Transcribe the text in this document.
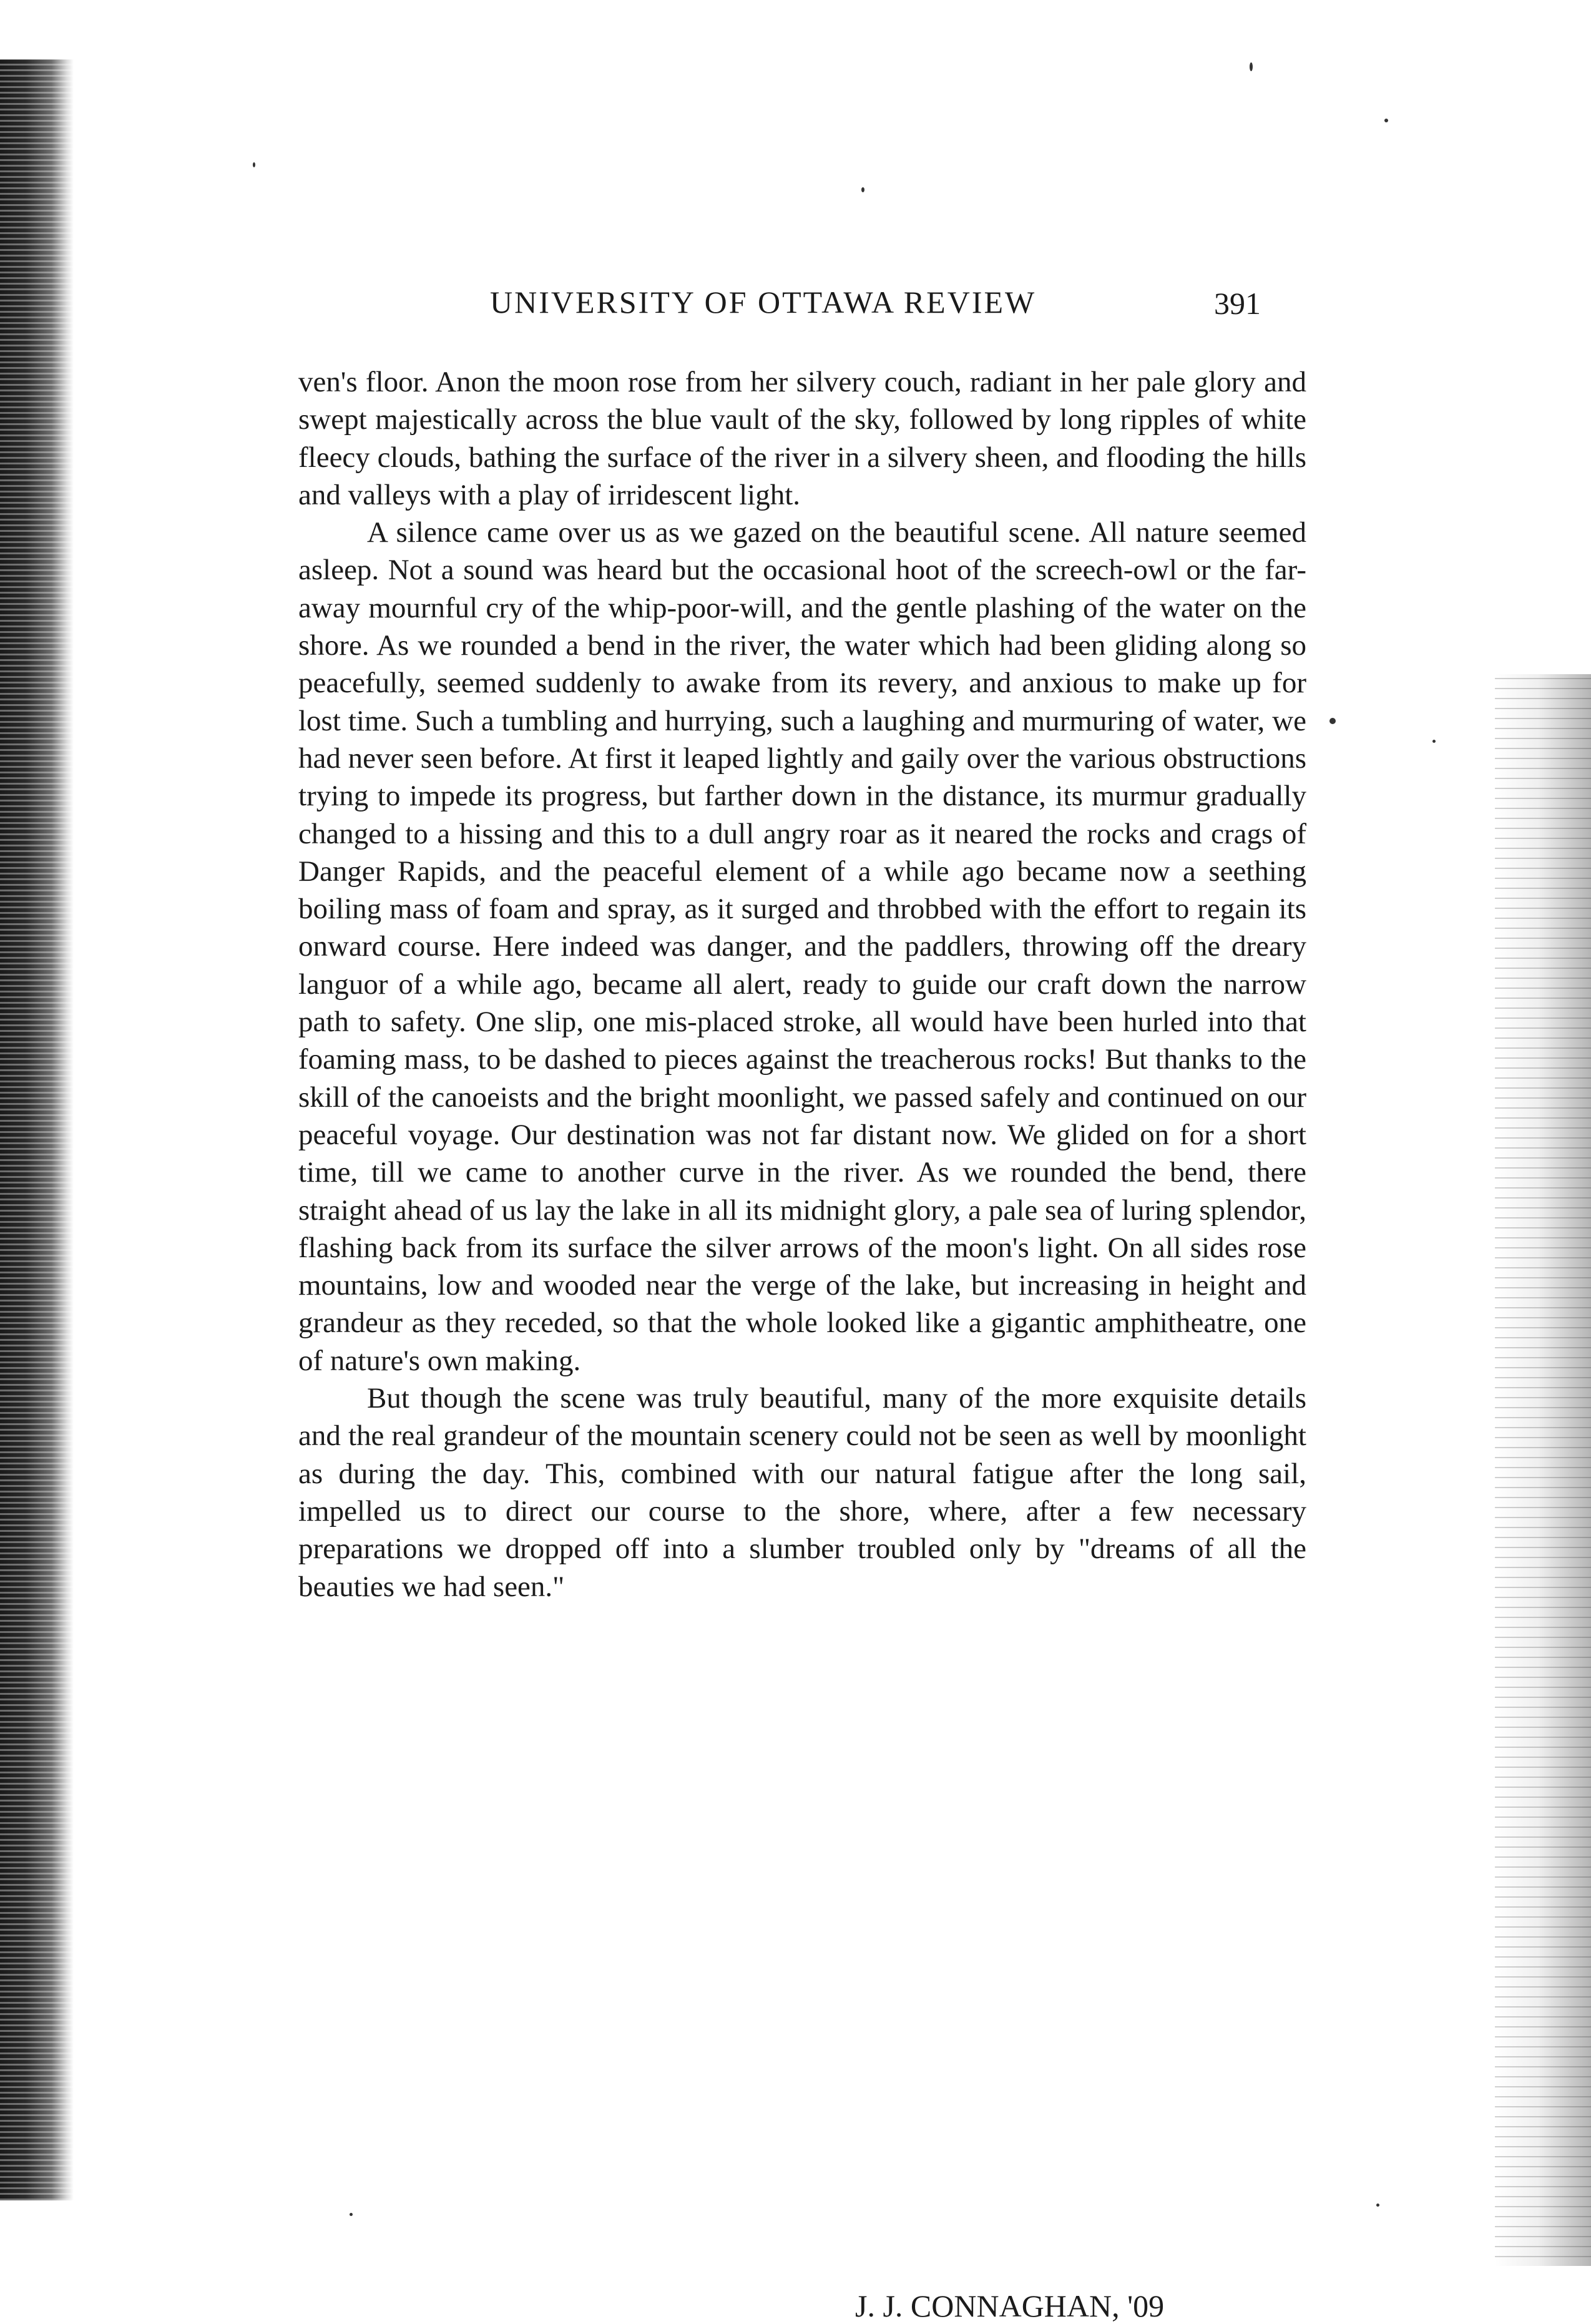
UNIVERSITY OF OTTAWA REVIEW	391

ven's floor. Anon the moon rose from her silvery couch, radiant in her pale glory and swept majestically across the blue vault of the sky, followed by long ripples of white fleecy clouds, bathing the surface of the river in a silvery sheen, and flooding the hills and valleys with a play of irridescent light.

A silence came over us as we gazed on the beautiful scene. All nature seemed asleep. Not a sound was heard but the occasional hoot of the screech-owl or the far-away mournful cry of the whip-poor-will, and the gentle plashing of the water on the shore. As we rounded a bend in the river, the water which had been gliding along so peacefully, seemed suddenly to awake from its revery, and anxious to make up for lost time. Such a tumbling and hurrying, such a laughing and murmuring of water, we had never seen before. At first it leaped lightly and gaily over the various obstructions trying to impede its progress, but farther down in the distance, its murmur gradually changed to a hissing and this to a dull angry roar as it neared the rocks and crags of Danger Rapids, and the peaceful element of a while ago became now a seething boiling mass of foam and spray, as it surged and throbbed with the effort to regain its onward course. Here indeed was danger, and the paddlers, throwing off the dreary languor of a while ago, became all alert, ready to guide our craft down the narrow path to safety. One slip, one mis-placed stroke, all would have been hurled into that foaming mass, to be dashed to pieces against the treacherous rocks! But thanks to the skill of the canoeists and the bright moonlight, we passed safely and continued on our peaceful voyage. Our destination was not far distant now. We glided on for a short time, till we came to another curve in the river. As we rounded the bend, there straight ahead of us lay the lake in all its midnight glory, a pale sea of luring splendor, flashing back from its surface the silver arrows of the moon's light. On all sides rose mountains, low and wooded near the verge of the lake, but increasing in height and grandeur as they receded, so that the whole looked like a gigantic amphitheatre, one of nature's own making.

But though the scene was truly beautiful, many of the more exquisite details and the real grandeur of the mountain scenery could not be seen as well by moonlight as during the day. This, combined with our natural fatigue after the long sail, impelled us to direct our course to the shore, where, after a few necessary preparations we dropped off into a slumber troubled only by "dreams of all the beauties we had seen."

J. J. CONNAGHAN, '09
